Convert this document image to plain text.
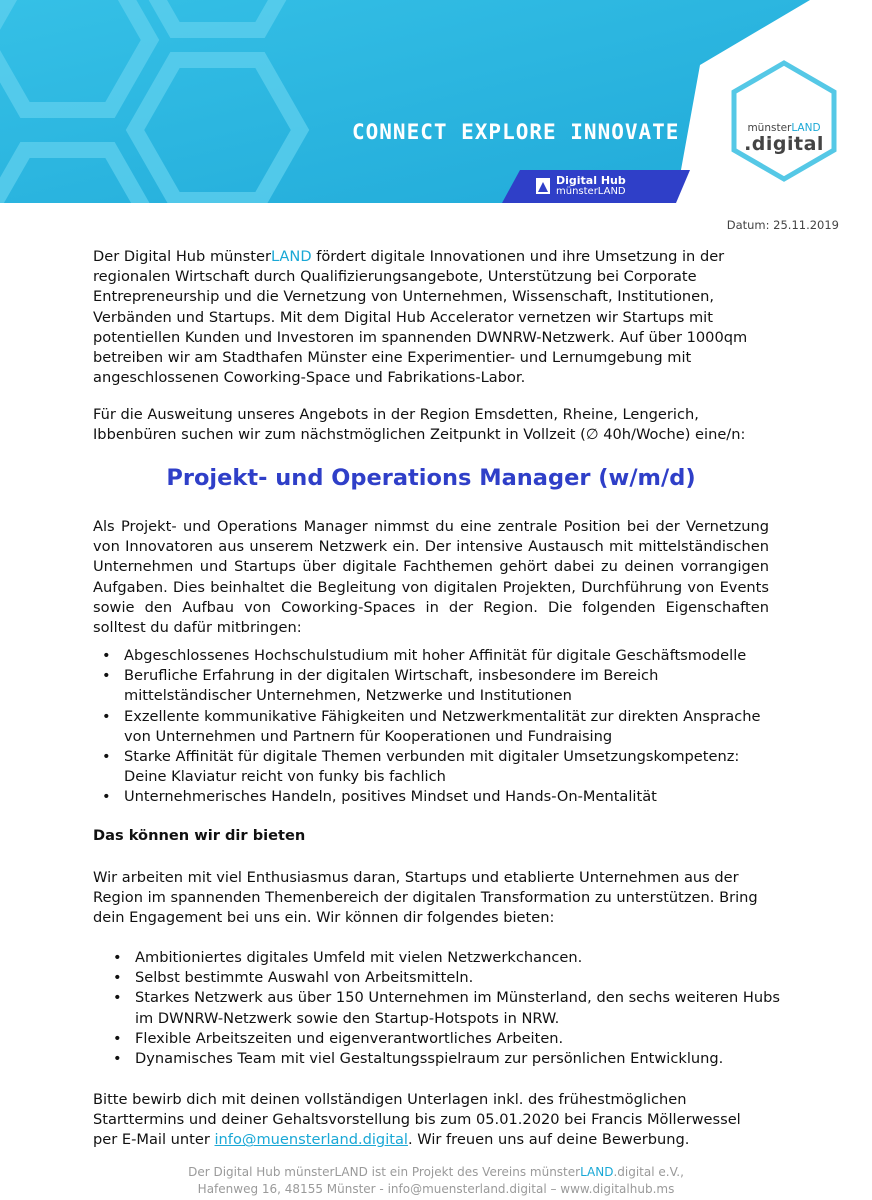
CONNECT EXPLORE INNOVATE
Digital Hub
münsterLAND
münsterLAND
.digital
Datum: 25.11.2019
Der Digital Hub münsterLAND fördert digitale Innovationen und ihre Umsetzung in der regionalen Wirtschaft durch Qualifizierungsangebote, Unterstützung bei Corporate Entrepreneurship und die Vernetzung von Unternehmen, Wissenschaft, Institutionen, Verbänden und Startups. Mit dem Digital Hub Accelerator vernetzen wir Startups mit potentiellen Kunden und Investoren im spannenden DWNRW-Netzwerk. Auf über 1000qm betreiben wir am Stadthafen Münster eine Experimentier- und Lernumgebung mit angeschlossenen Coworking-Space und Fabrikations-Labor.
Für die Ausweitung unseres Angebots in der Region Emsdetten, Rheine, Lengerich, Ibbenbüren suchen wir zum nächstmöglichen Zeitpunkt in Vollzeit (∅ 40h/Woche) eine/n:
Projekt- und Operations Manager (w/m/d)
Als Projekt- und Operations Manager nimmst du eine zentrale Position bei der Vernetzung von Innovatoren aus unserem Netzwerk ein. Der intensive Austausch mit mittelständischen Unternehmen und Startups über digitale Fachthemen gehört dabei zu deinen vorrangigen Aufgaben. Dies beinhaltet die Begleitung von digitalen Projekten, Durchführung von Events sowie den Aufbau von Coworking-Spaces in der Region. Die folgenden Eigenschaften solltest du dafür mitbringen:
• Abgeschlossenes Hochschulstudium mit hoher Affinität für digitale Geschäftsmodelle
• Berufliche Erfahrung in der digitalen Wirtschaft, insbesondere im Bereich mittelständischer Unternehmen, Netzwerke und Institutionen
• Exzellente kommunikative Fähigkeiten und Netzwerkmentalität zur direkten Ansprache von Unternehmen und Partnern für Kooperationen und Fundraising
• Starke Affinität für digitale Themen verbunden mit digitaler Umsetzungskompetenz: Deine Klaviatur reicht von funky bis fachlich
• Unternehmerisches Handeln, positives Mindset und Hands-On-Mentalität
Das können wir dir bieten
Wir arbeiten mit viel Enthusiasmus daran, Startups und etablierte Unternehmen aus der Region im spannenden Themenbereich der digitalen Transformation zu unterstützen. Bring dein Engagement bei uns ein. Wir können dir folgendes bieten:
• Ambitioniertes digitales Umfeld mit vielen Netzwerkchancen.
• Selbst bestimmte Auswahl von Arbeitsmitteln.
• Starkes Netzwerk aus über 150 Unternehmen im Münsterland, den sechs weiteren Hubs im DWNRW-Netzwerk sowie den Startup-Hotspots in NRW.
• Flexible Arbeitszeiten und eigenverantwortliches Arbeiten.
• Dynamisches Team mit viel Gestaltungsspielraum zur persönlichen Entwicklung.
Bitte bewirb dich mit deinen vollständigen Unterlagen inkl. des frühestmöglichen Starttermins und deiner Gehaltsvorstellung bis zum 05.01.2020 bei Francis Möllerwessel per E-Mail unter info@muensterland.digital. Wir freuen uns auf deine Bewerbung.
Der Digital Hub münsterLAND ist ein Projekt des Vereins münsterLAND.digital e.V.,
Hafenweg 16, 48155 Münster - info@muensterland.digital – www.digitalhub.ms
